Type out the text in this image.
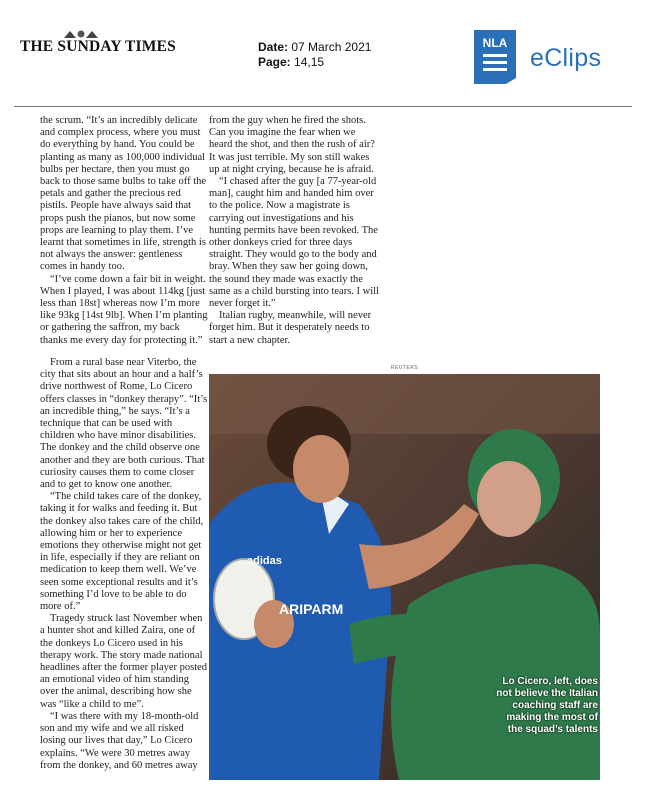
THE SUNDAY TIMES	Date: 07 March 2021
Page: 14,15
NLA
eClips

the scrum. “It’s an incredibly delicate and complex process, where you must do everything by hand. You could be planting as many as 100,000 individual bulbs per hectare, then you must go back to those same bulbs to take off the petals and gather the precious red pistils. People have always said that props push the pianos, but now some props are learning to play them. I’ve learnt that sometimes in life, strength is not always the answer: gentleness comes in handy too.

“I’ve come down a fair bit in weight. When I played, I was about 114kg [just less than 18st] whereas now I’m more like 93kg [14st 9lb]. When I’m planting or gathering the saffron, my back thanks me every day for protecting it.”

from the guy when he fired the shots. Can you imagine the fear when we heard the shot, and then the rush of air? It was just terrible. My son still wakes up at night crying, because he is afraid.

“I chased after the guy [a 77-year-old man], caught him and handed him over to the police. Now a magistrate is carrying out investigations and his hunting permits have been revoked. The other donkeys cried for three days straight. They would go to the body and bray. When they saw her going down, the sound they made was exactly the same as a child bursting into tears. I will never forget it.”

Italian rugby, meanwhile, will never forget him. But it desperately needs to start a new chapter.

From a rural base near Viterbo, the city that sits about an hour and a half’s drive northwest of Rome, Lo Cicero offers classes in “donkey therapy”. “It’s an incredible thing,” he says. “It’s a technique that can be used with children who have minor disabilities. The donkey and the child observe one another and they are both curious. That curiosity causes them to come closer and to get to know one another.

“The child takes care of the donkey, taking it for walks and feeding it. But the donkey also takes care of the child, allowing him or her to experience emotions they otherwise might not get in life, especially if they are reliant on medication to keep them well. We’ve seen some exceptional results and it’s something I’d love to be able to do more of.”

Tragedy struck last November when a hunter shot and killed Zaira, one of the donkeys Lo Cicero used in his therapy work. The story made national headlines after the former player posted an emotional video of him standing over the animal, describing how she was “like a child to me”.

“I was there with my 18-month-old son and my wife and we all risked losing our lives that day,” Lo Cicero explains. “We were 30 metres away from the donkey, and 60 metres away

REUTERS
adidas
ARIPARM
Lo Cicero, left, does not believe the Italian coaching staff are making the most of the squad’s talents
